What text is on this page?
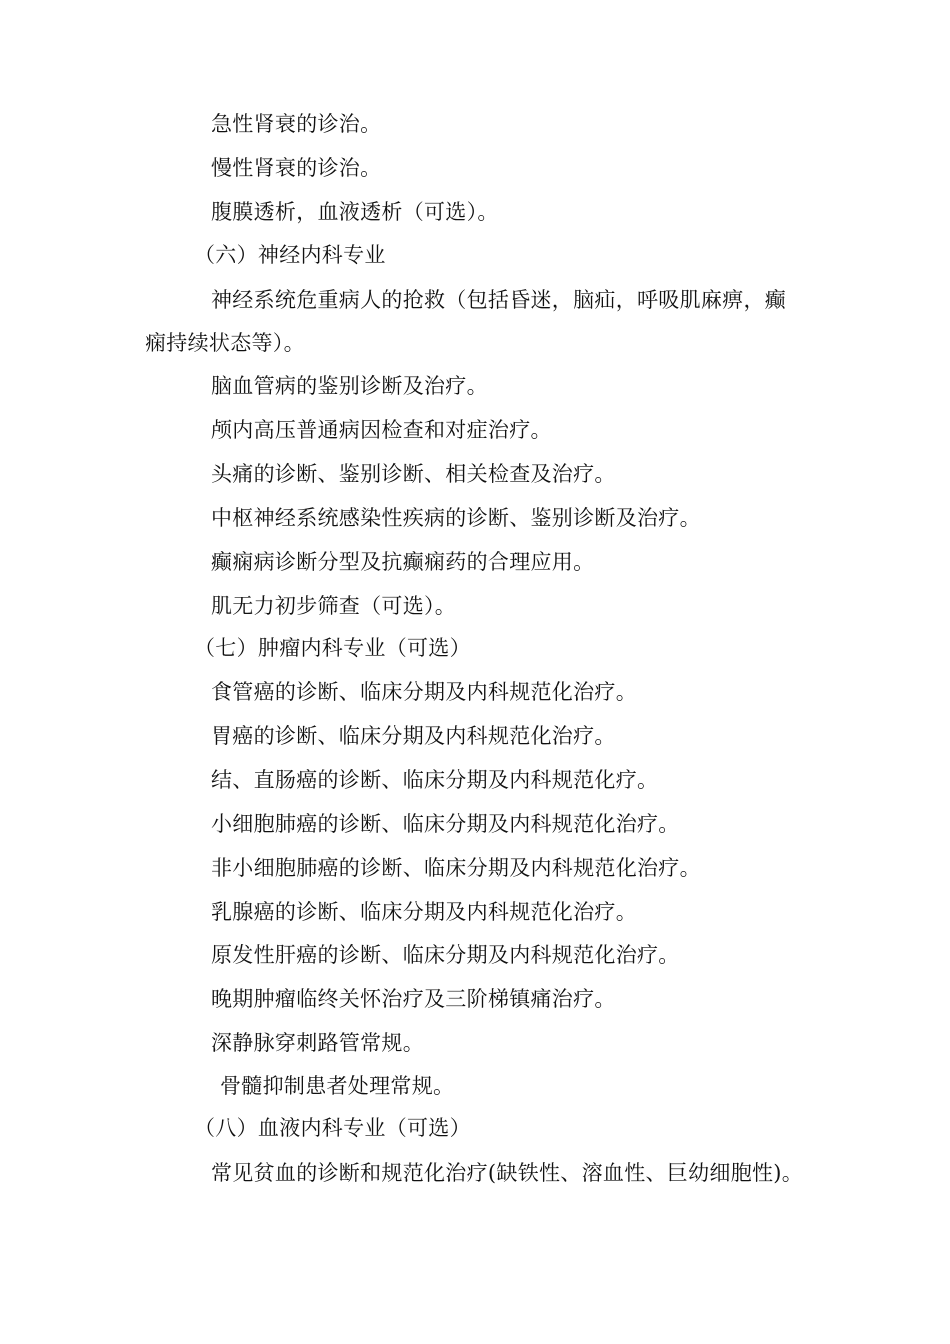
急性肾衰的诊治。
慢性肾衰的诊治。
腹膜透析，血液透析（可选）。
（六）神经内科专业
神经系统危重病人的抢救（包括昏迷，脑疝，呼吸肌麻痹，癫
痫持续状态等）。
脑血管病的鉴别诊断及治疗。
颅内高压普通病因检查和对症治疗。
头痛的诊断、鉴别诊断、相关检查及治疗。
中枢神经系统感染性疾病的诊断、鉴别诊断及治疗。
癫痫病诊断分型及抗癫痫药的合理应用。
肌无力初步筛查（可选）。
（七）肿瘤内科专业（可选）
食管癌的诊断、临床分期及内科规范化治疗。
胃癌的诊断、临床分期及内科规范化治疗。
结、直肠癌的诊断、临床分期及内科规范化疗。
小细胞肺癌的诊断、临床分期及内科规范化治疗。
非小细胞肺癌的诊断、临床分期及内科规范化治疗。
乳腺癌的诊断、临床分期及内科规范化治疗。
原发性肝癌的诊断、临床分期及内科规范化治疗。
晚期肿瘤临终关怀治疗及三阶梯镇痛治疗。
深静脉穿刺路管常规。
骨髓抑制患者处理常规。
（八）血液内科专业（可选）
常见贫血的诊断和规范化治疗(缺铁性、溶血性、巨幼细胞性)。
